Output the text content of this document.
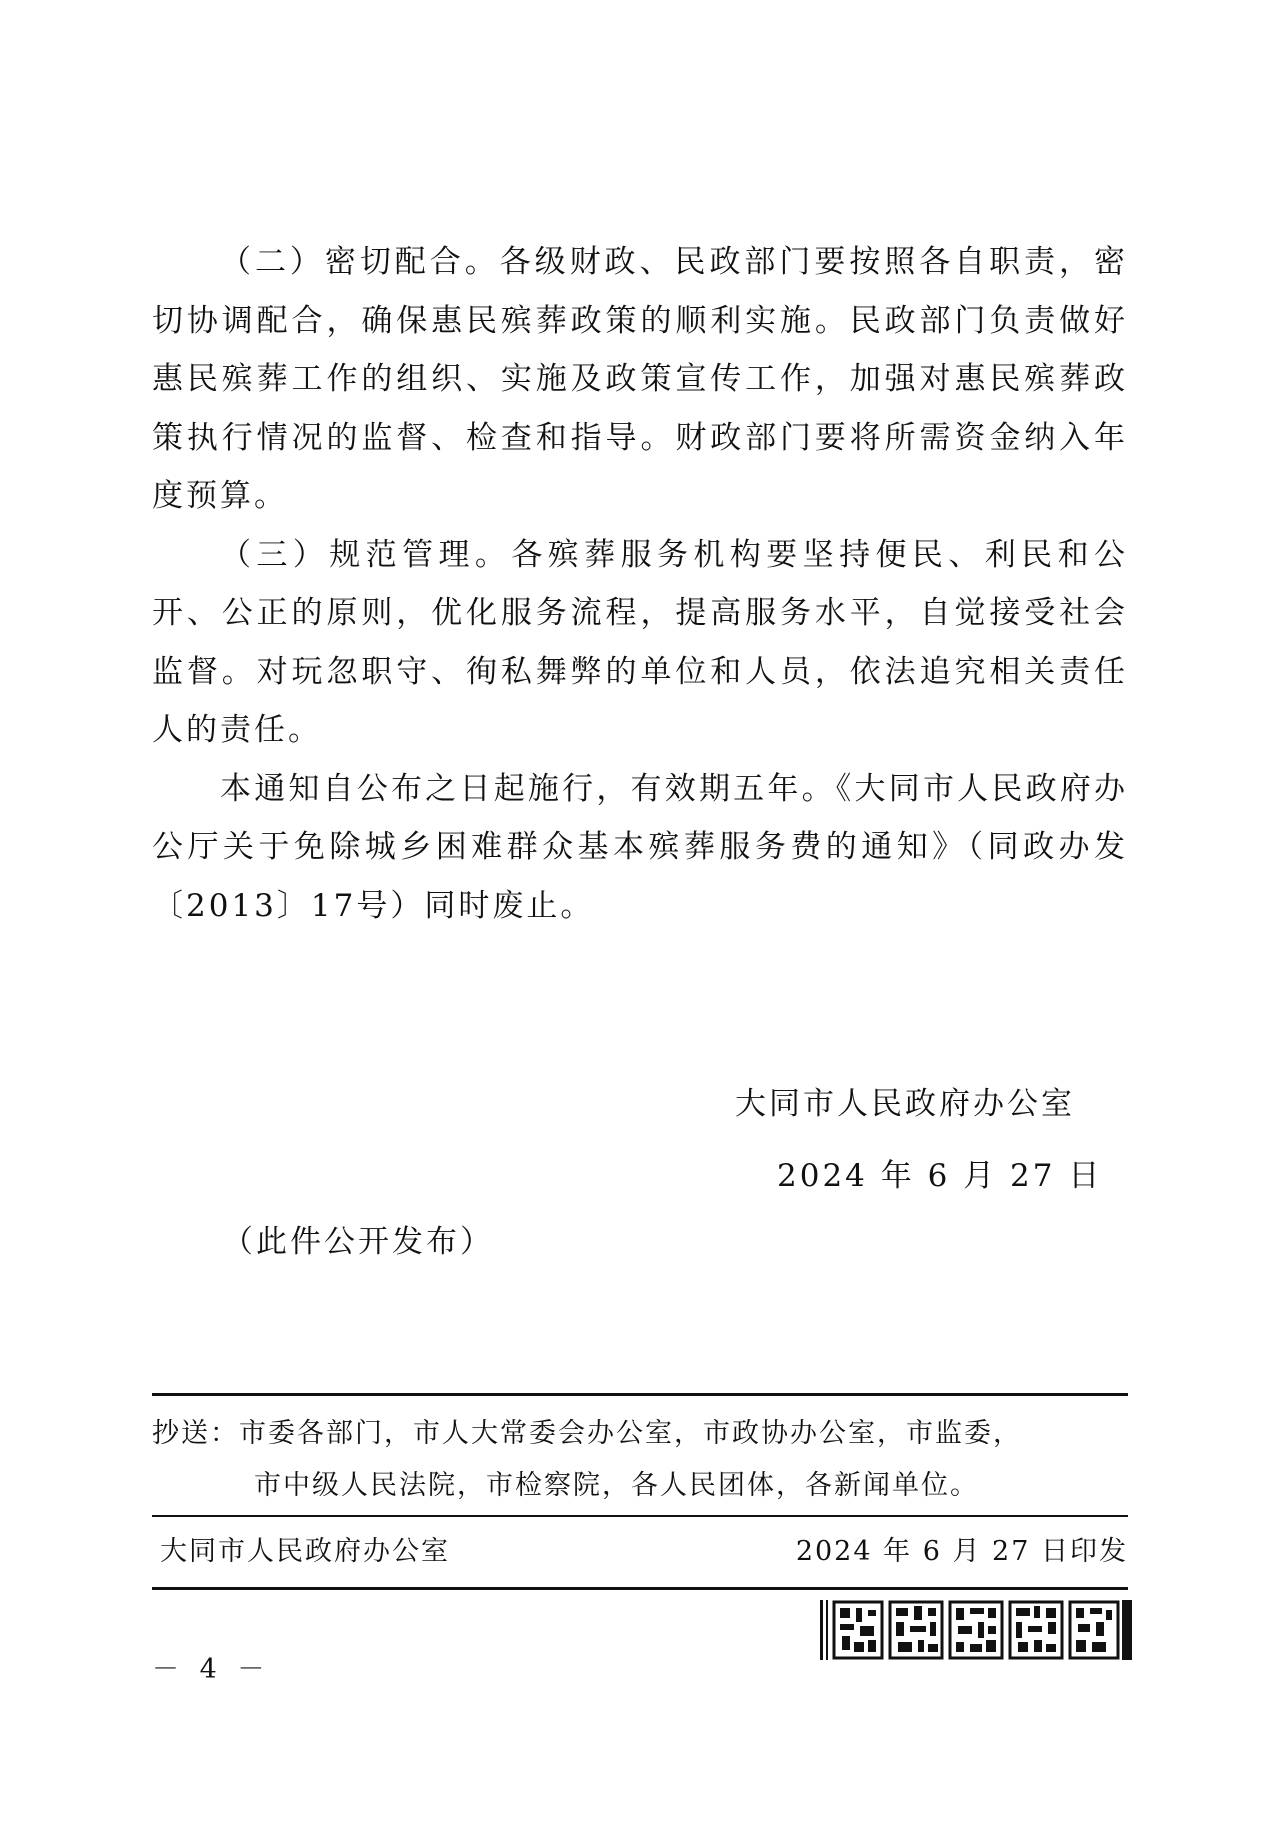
（二）密切配合。各级财政、民政部门要按照各自职责，密切协调配合，确保惠民殡葬政策的顺利实施。民政部门负责做好惠民殡葬工作的组织、实施及政策宣传工作，加强对惠民殡葬政策执行情况的监督、检查和指导。财政部门要将所需资金纳入年度预算。

（三）规范管理。各殡葬服务机构要坚持便民、利民和公开、公正的原则，优化服务流程，提高服务水平，自觉接受社会监督。对玩忽职守、徇私舞弊的单位和人员，依法追究相关责任人的责任。

本通知自公布之日起施行，有效期五年。《大同市人民政府办公厅关于免除城乡困难群众基本殡葬服务费的通知》（同政办发〔2013〕17号）同时废止。

大同市人民政府办公室
2024 年 6 月 27 日
（此件公开发布）
抄送：市委各部门，市人大常委会办公室，市政协办公室，市监委，
市中级人民法院，市检察院，各人民团体，各新闻单位。
大同市人民政府办公室	2024 年 6 月 27 日印发
－ 4 －
